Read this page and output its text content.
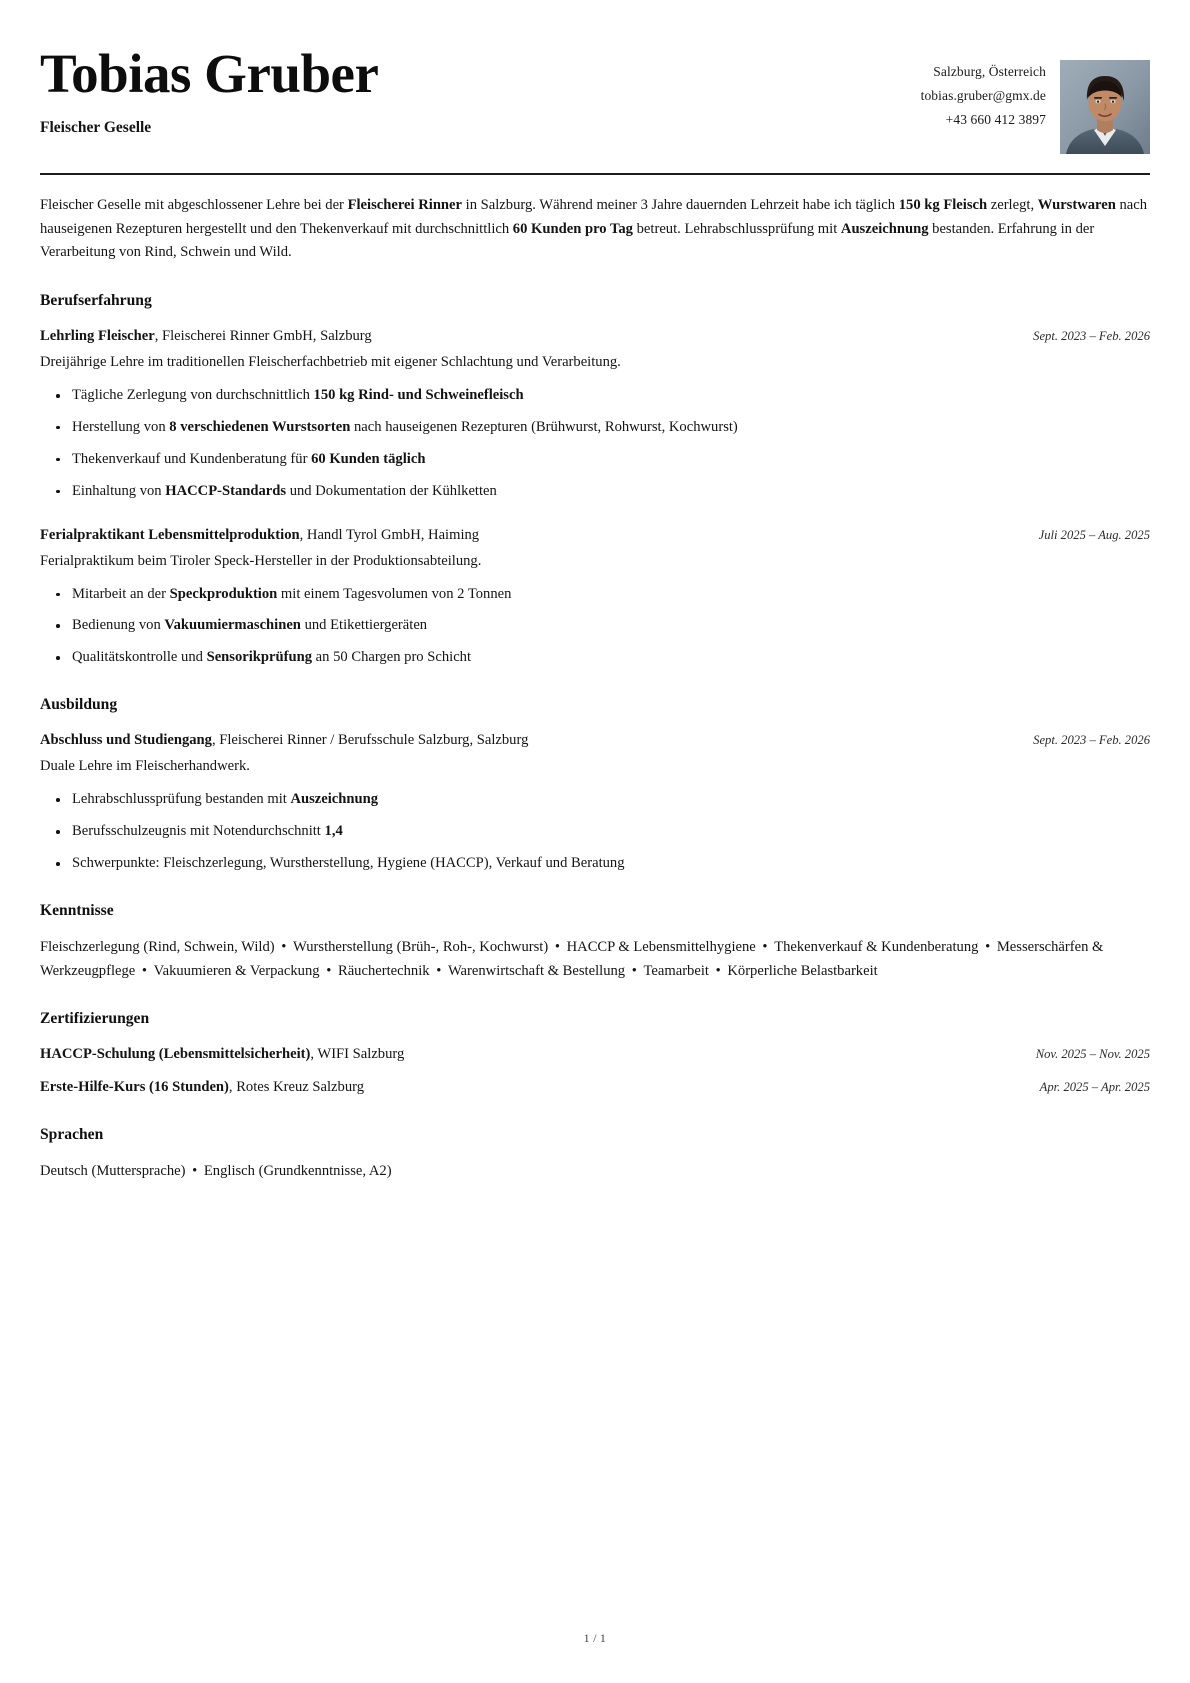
Tobias Gruber
Fleischer Geselle
Salzburg, Österreich
tobias.gruber@gmx.de
+43 660 412 3897

Fleischer Geselle mit abgeschlossener Lehre bei der Fleischerei Rinner in Salzburg. Während meiner 3 Jahre dauernden Lehrzeit habe ich täglich 150 kg Fleisch zerlegt, Wurstwaren nach hauseigenen Rezepturen hergestellt und den Thekenverkauf mit durchschnittlich 60 Kunden pro Tag betreut. Lehrabschlussprüfung mit Auszeichnung bestanden. Erfahrung in der Verarbeitung von Rind, Schwein und Wild.

Berufserfahrung
Lehrling Fleischer, Fleischerei Rinner GmbH, Salzburg	Sept. 2023 – Feb. 2026
Dreijährige Lehre im traditionellen Fleischerfachbetrieb mit eigener Schlachtung und Verarbeitung.
Tägliche Zerlegung von durchschnittlich 150 kg Rind- und Schweinefleisch
Herstellung von 8 verschiedenen Wurstsorten nach hauseigenen Rezepturen (Brühwurst, Rohwurst, Kochwurst)
Thekenverkauf und Kundenberatung für 60 Kunden täglich
Einhaltung von HACCP-Standards und Dokumentation der Kühlketten
Ferialpraktikant Lebensmittelproduktion, Handl Tyrol GmbH, Haiming	Juli 2025 – Aug. 2025
Ferialpraktikum beim Tiroler Speck-Hersteller in der Produktionsabteilung.
Mitarbeit an der Speckproduktion mit einem Tagesvolumen von 2 Tonnen
Bedienung von Vakuumiermaschinen und Etikettiergeräten
Qualitätskontrolle und Sensorikprüfung an 50 Chargen pro Schicht
Ausbildung
Abschluss und Studiengang, Fleischerei Rinner / Berufsschule Salzburg, Salzburg	Sept. 2023 – Feb. 2026
Duale Lehre im Fleischerhandwerk.
Lehrabschlussprüfung bestanden mit Auszeichnung
Berufsschulzeugnis mit Notendurchschnitt 1,4
Schwerpunkte: Fleischzerlegung, Wurstherstellung, Hygiene (HACCP), Verkauf und Beratung
Kenntnisse
Fleischzerlegung (Rind, Schwein, Wild) • Wurstherstellung (Brüh-, Roh-, Kochwurst) • HACCP & Lebensmittelhygiene • Thekenverkauf & Kundenberatung • Messerschärfen & Werkzeugpflege • Vakuumieren & Verpackung • Räuchertechnik • Warenwirtschaft & Bestellung • Teamarbeit • Körperliche Belastbarkeit
Zertifizierungen
HACCP-Schulung (Lebensmittelsicherheit), WIFI Salzburg	Nov. 2025 – Nov. 2025
Erste-Hilfe-Kurs (16 Stunden), Rotes Kreuz Salzburg	Apr. 2025 – Apr. 2025
Sprachen
Deutsch (Muttersprache) • Englisch (Grundkenntnisse, A2)
1 / 1
